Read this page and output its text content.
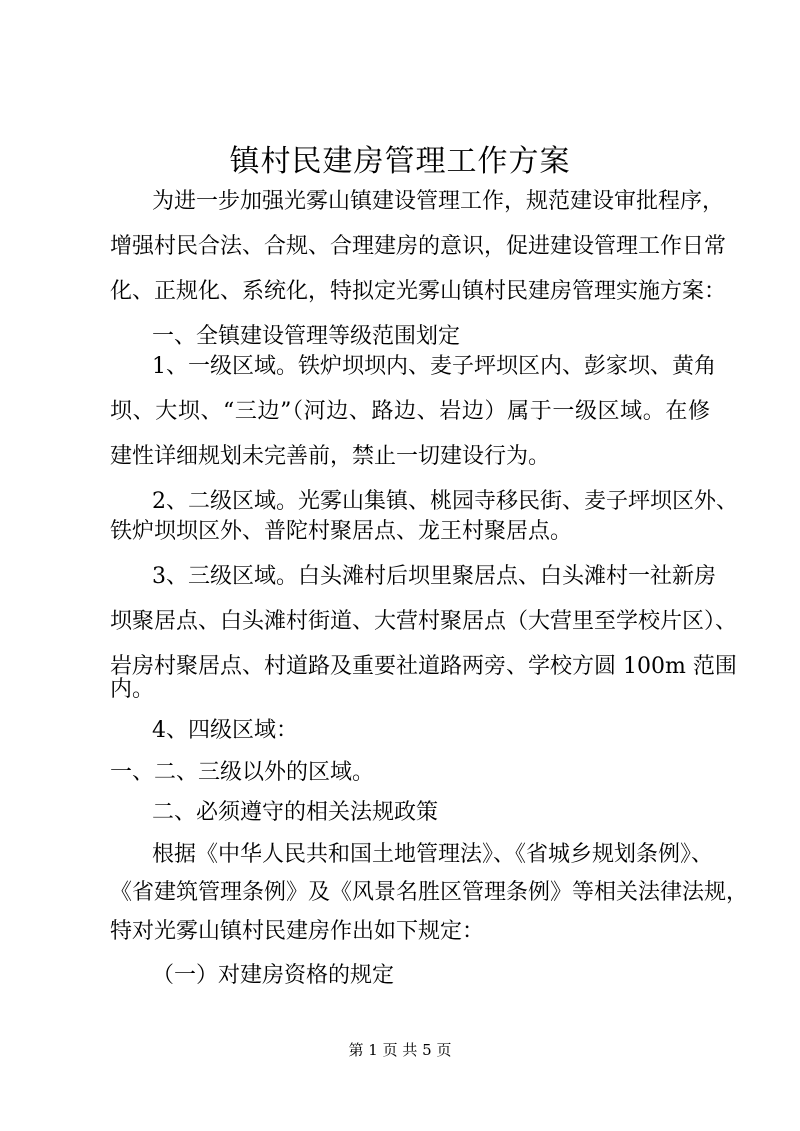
镇村民建房管理工作方案

为进一步加强光雾山镇建设管理工作，规范建设审批程序，

增强村民合法、合规、合理建房的意识，促进建设管理工作日常

化、正规化、系统化，特拟定光雾山镇村民建房管理实施方案：

一、全镇建设管理等级范围划定

1、一级区域。铁炉坝坝内、麦子坪坝区内、彭家坝、黄角

坝、大坝、“三边”（河边、路边、岩边）属于一级区域。在修

建性详细规划未完善前，禁止一切建设行为。

2、二级区域。光雾山集镇、桃园寺移民街、麦子坪坝区外、

铁炉坝坝区外、普陀村聚居点、龙王村聚居点。

3、三级区域。白头滩村后坝里聚居点、白头滩村一社新房

坝聚居点、白头滩村街道、大营村聚居点（大营里至学校片区）、

岩房村聚居点、村道路及重要社道路两旁、学校方圆 100m 范围

内。

4、四级区域：

一、二、三级以外的区域。

二、必须遵守的相关法规政策

根据《中华人民共和国土地管理法》、《省城乡规划条例》、

《省建筑管理条例》及《风景名胜区管理条例》等相关法律法规，

特对光雾山镇村民建房作出如下规定：

（一）对建房资格的规定

第 1 页 共 5 页
